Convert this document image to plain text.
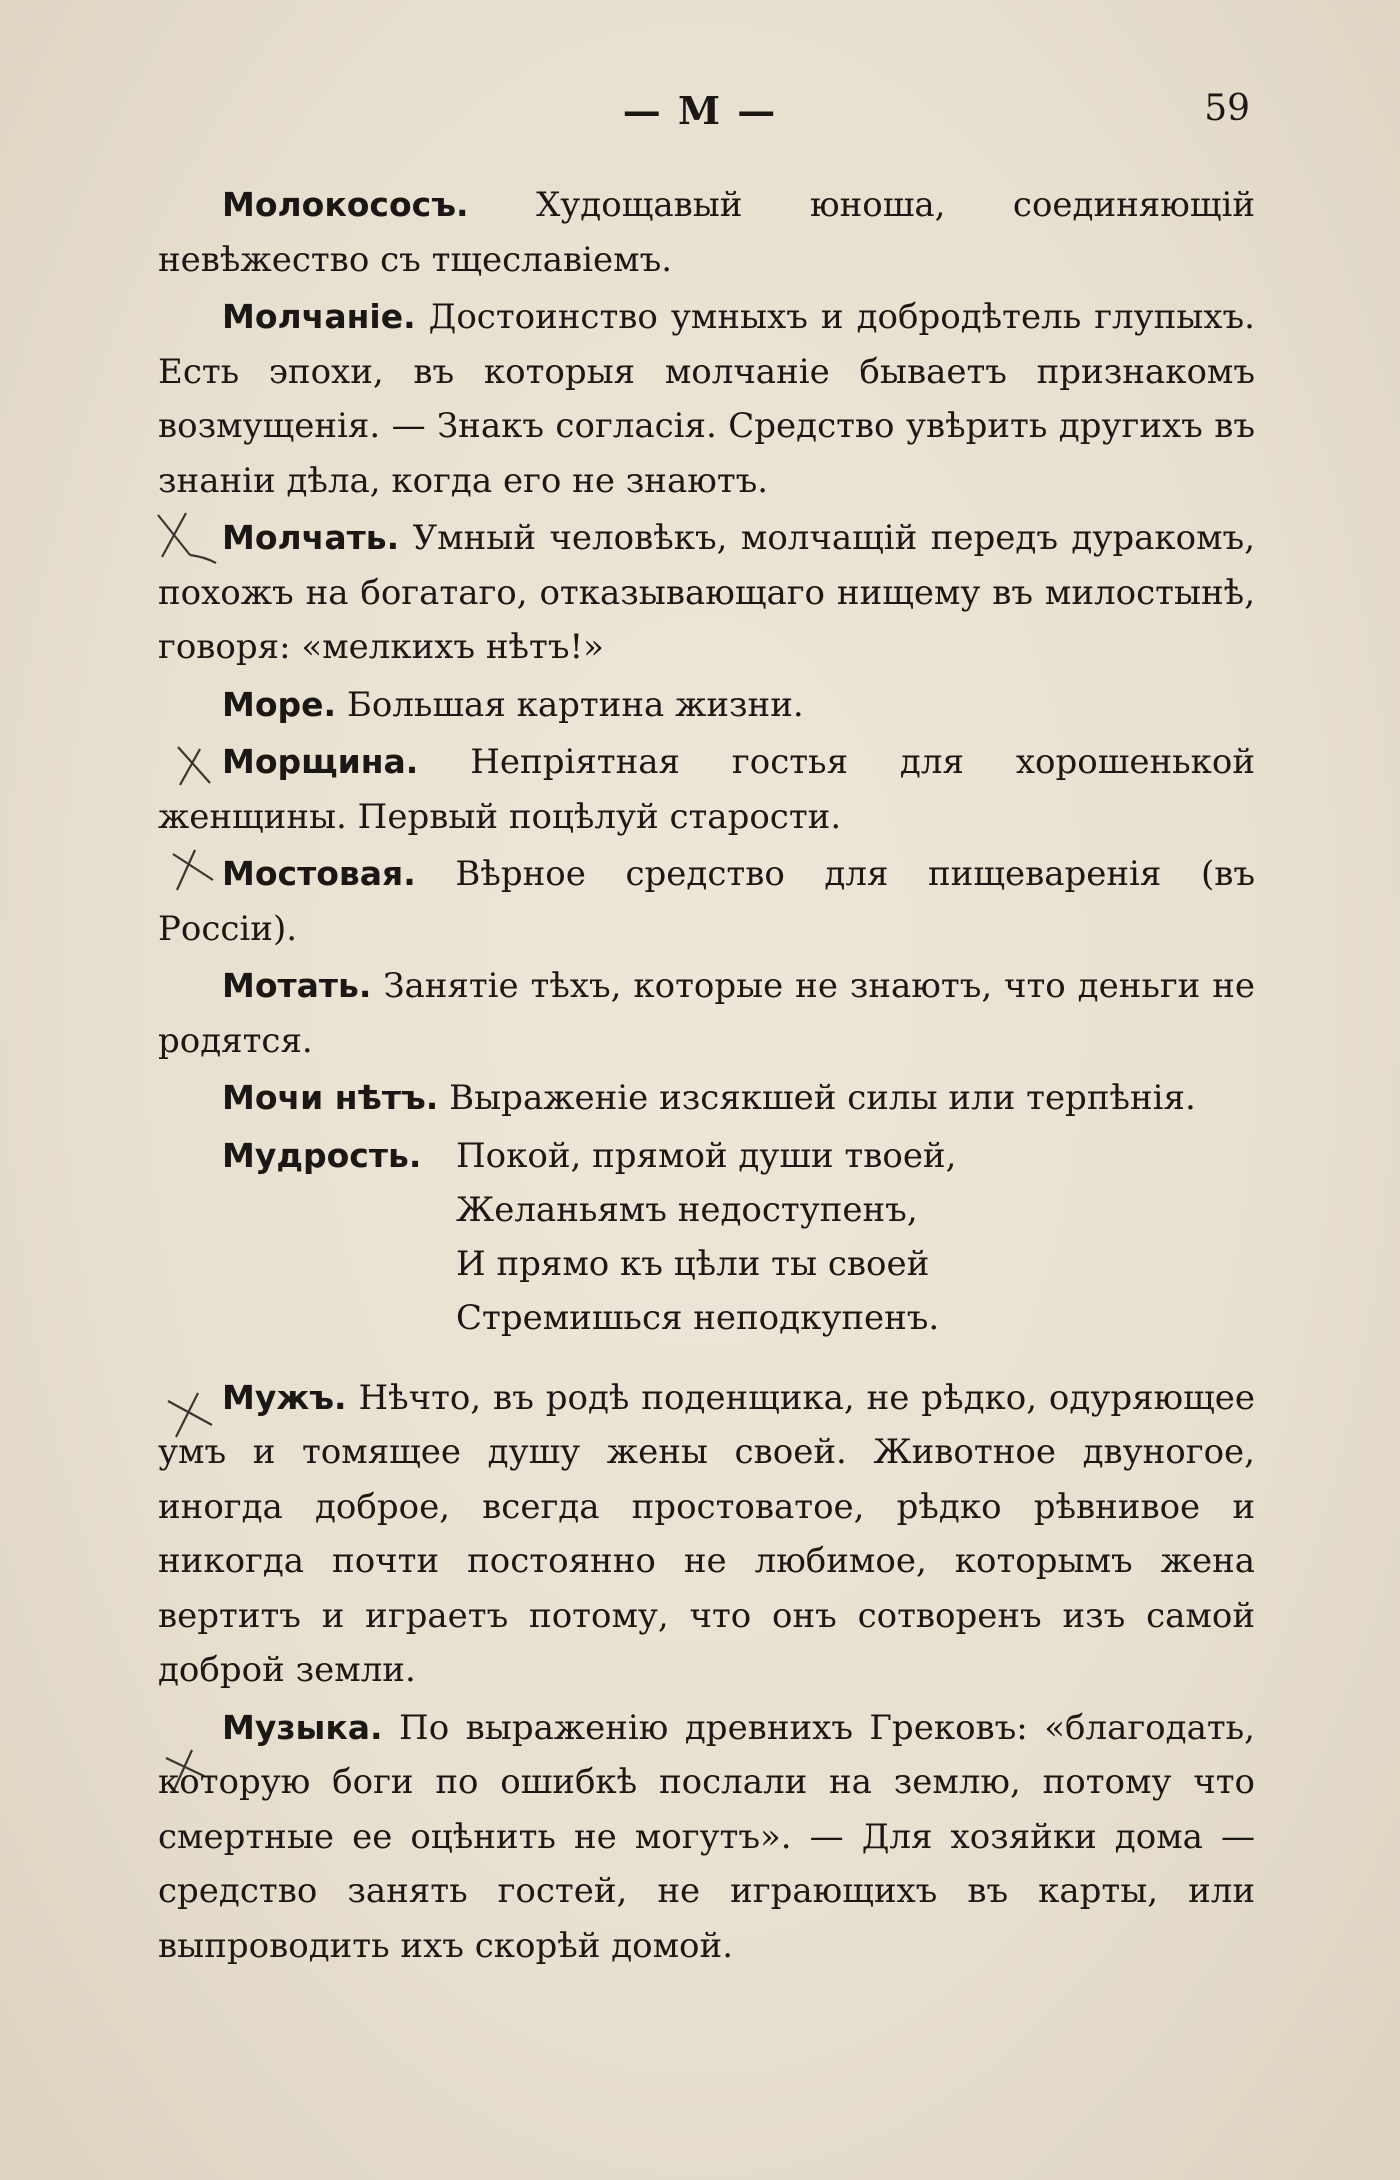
— M —	59

Молокососъ. Худощавый юноша, соединяющій невѣжество съ тщеславіемъ.

Молчаніе. Достоинство умныхъ и добродѣтель глупыхъ. Есть эпохи, въ которыя молчаніе бываетъ признакомъ возмущенія. — Знакъ согласія. Средство увѣрить другихъ въ знаніи дѣла, когда его не знаютъ.

Молчать. Умный человѣкъ, молчащій передъ дуракомъ, похожъ на богатаго, отказывающаго нищему въ милостынѣ, говоря: «мелкихъ нѣтъ!»

Море. Большая картина жизни.

Морщина. Непріятная гостья для хорошенькой женщины. Первый поцѣлуй старости.

Мостовая. Вѣрное средство для пищеваренія (въ Россіи).

Мотать. Занятіе тѣхъ, которые не знаютъ, что деньги не родятся.

Мочи нѣтъ. Выраженіе изсякшей силы или терпѣнія.

Мудрость. Покой, прямой души твоей,
Желаньямъ недоступенъ,
И прямо къ цѣли ты своей
Стремишься неподкупенъ.

Мужъ. Нѣчто, въ родѣ поденщика, не рѣдко, одуряющее умъ и томящее душу жены своей. Животное двуногое, иногда доброе, всегда простоватое, рѣдко рѣвнивое и никогда почти постоянно не любимое, которымъ жена вертитъ и играетъ потому, что онъ сотворенъ изъ самой доброй земли.

Музыка. По выраженію древнихъ Грековъ: «благодать, которую боги по ошибкѣ послали на землю, потому что смертные ее оцѣнить не могутъ». — Для хозяйки дома — средство занять гостей, не играющихъ въ карты, или выпроводить ихъ скорѣй домой.
